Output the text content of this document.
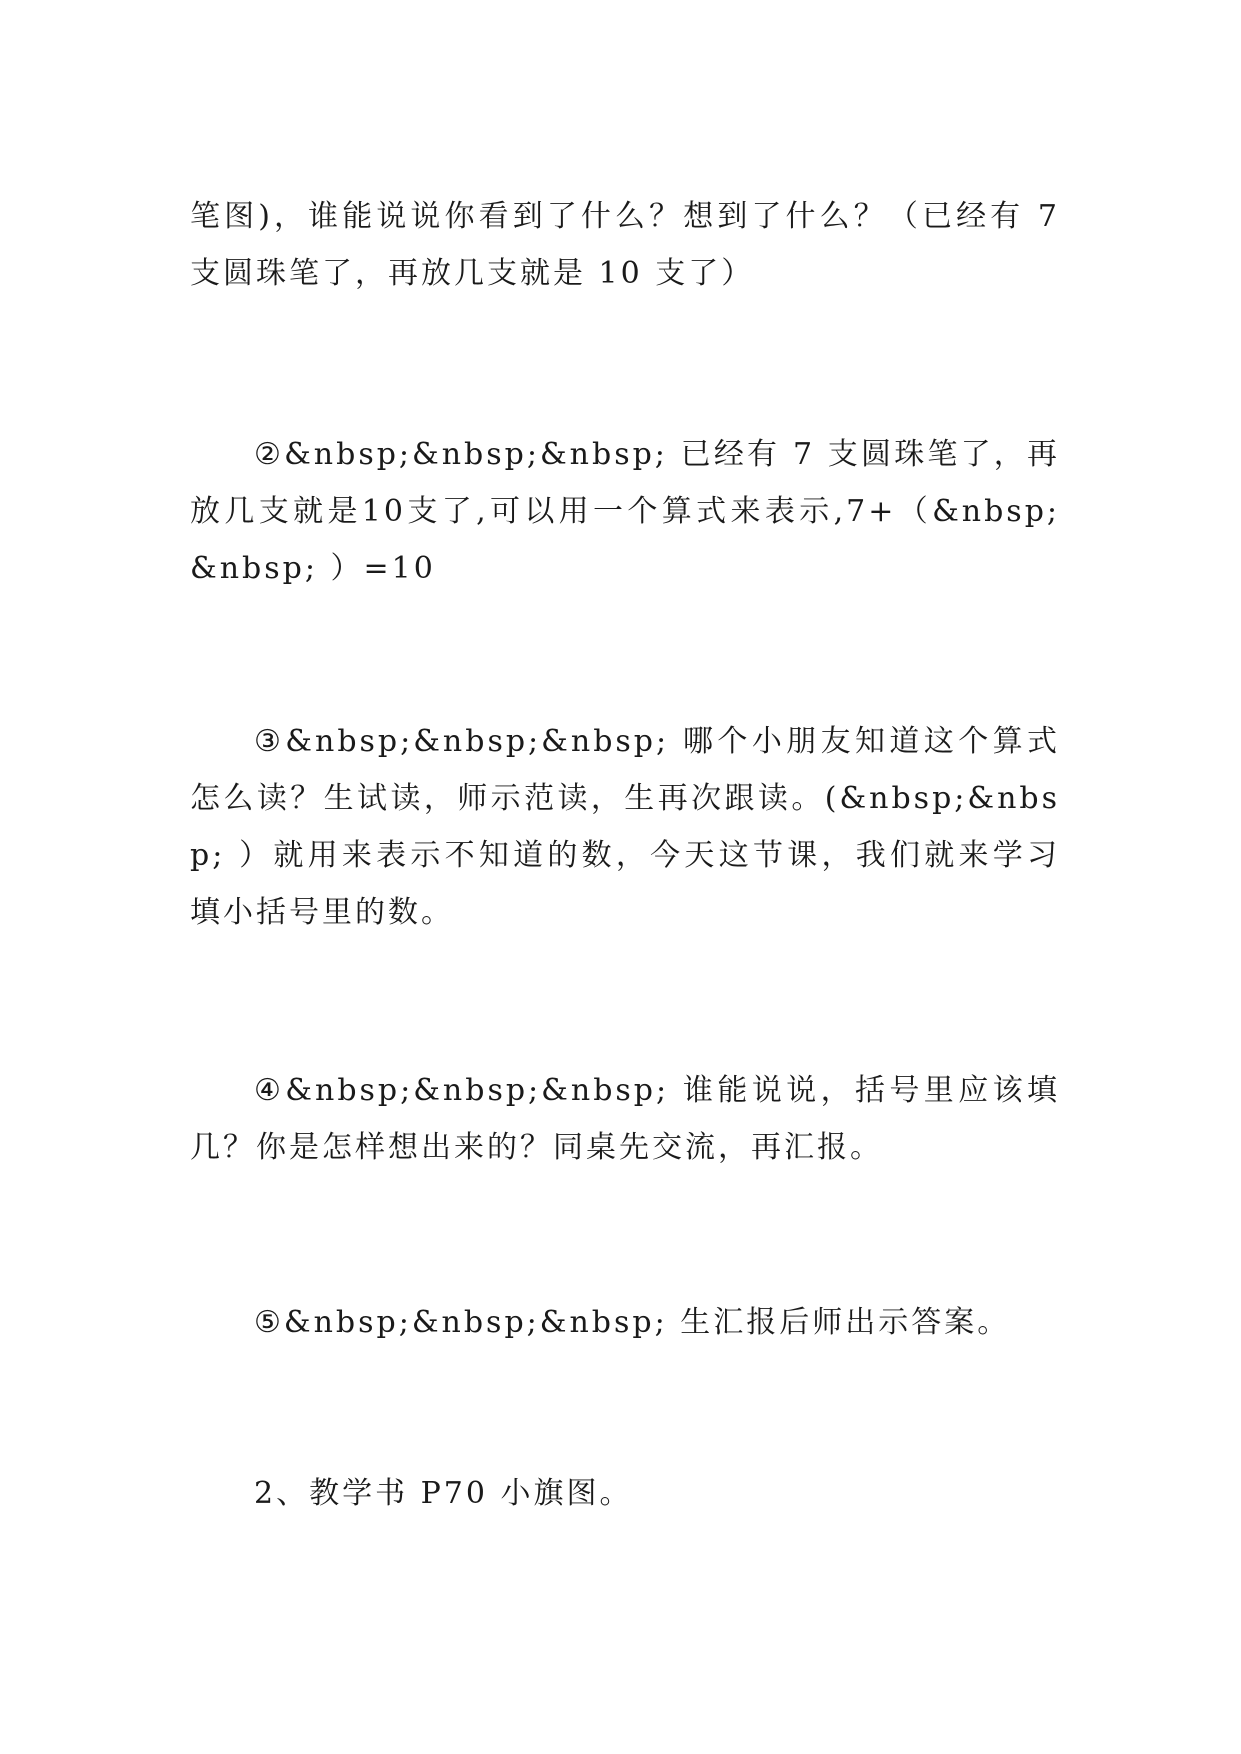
笔图)，谁能说说你看到了什么？想到了什么？（已经有 7 支圆珠笔了，再放几支就是 10 支了）

②&nbsp;&nbsp;&nbsp; 已经有 7 支圆珠笔了，再放几支就是10支了,可以用一个算式来表示,7+（&nbsp;&nbsp; ）=10

③&nbsp;&nbsp;&nbsp; 哪个小朋友知道这个算式怎么读？生试读，师示范读，生再次跟读。(&nbsp;&nbsp; ）就用来表示不知道的数，今天这节课，我们就来学习填小括号里的数。

④&nbsp;&nbsp;&nbsp; 谁能说说，括号里应该填几？你是怎样想出来的？同桌先交流，再汇报。

⑤&nbsp;&nbsp;&nbsp; 生汇报后师出示答案。

2、教学书 P70 小旗图。
